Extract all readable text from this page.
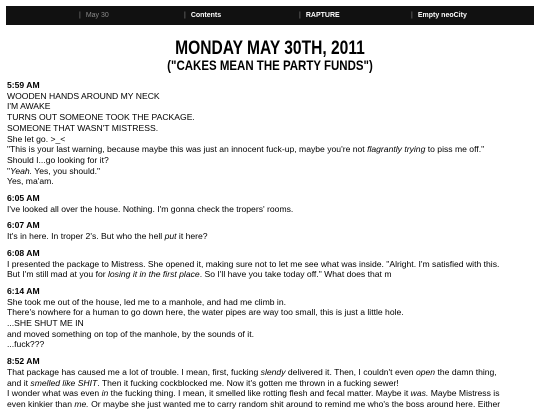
| May 30	| Contents	| RAPTURE	| Empty neoCity
MONDAY MAY 30TH, 2011
("CAKES MEAN THE PARTY FUNDS")
5:59 AM
WOODEN HANDS AROUND MY NECK
I'M AWAKE
TURNS OUT SOMEONE TOOK THE PACKAGE.
SOMEONE THAT WASN'T MISTRESS.
She let go. >_<
"This is your last warning, because maybe this was just an innocent fuck-up, maybe you're not flagrantly trying to piss me off."
Should I...go looking for it?
"Yeah. Yes, you should."
Yes, ma'am.
6:05 AM
I've looked all over the house. Nothing. I'm gonna check the tropers' rooms.
6:07 AM
It's in here. In troper 2's. But who the hell put it here?
6:08 AM
I presented the package to Mistress. She opened it, making sure not to let me see what was inside. "Alright. I'm satisfied with this.
But I'm still mad at you for losing it in the first place. So I'll have you take today off." What does that m
6:14 AM
She took me out of the house, led me to a manhole, and had me climb in.
There's nowhere for a human to go down here, the water pipes are way too small, this is just a little hole.
...SHE SHUT ME IN
and moved something on top of the manhole, by the sounds of it.
...fuck???
8:52 AM
That package has caused me a lot of trouble. I mean, first, fucking slendy delivered it. Then, I couldn't even open the damn thing,
and it smelled like SHIT. Then it fucking cockblocked me. Now it's gotten me thrown in a fucking sewer!
I wonder what was even in the fucking thing. I mean, it smelled like rotting flesh and fecal matter. Maybe it was. Maybe Mistress is
even kinkier than me. Or maybe she just wanted me to carry random shit around to remind me who's the boss around here. Either
